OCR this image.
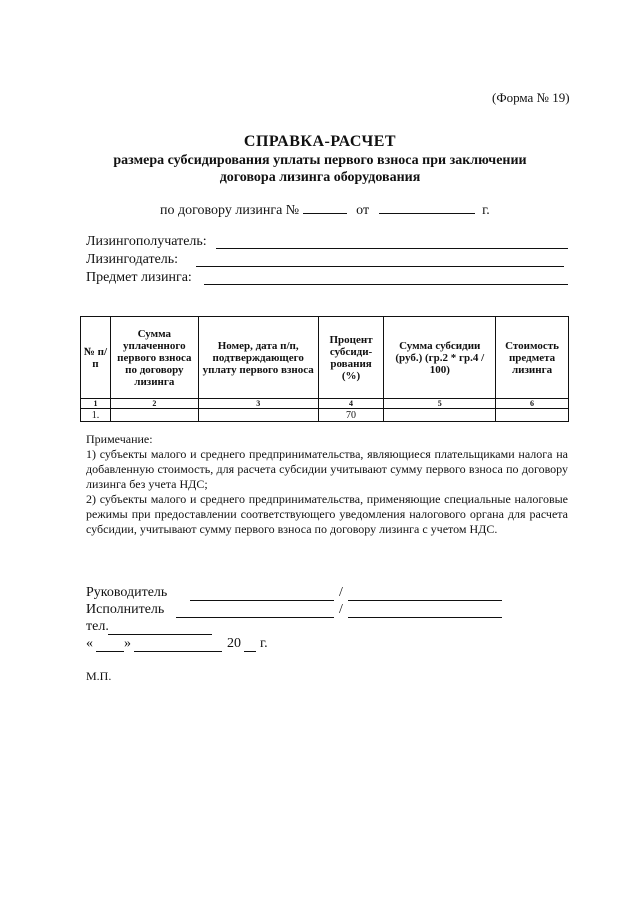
(Форма № 19)
СПРАВКА-РАСЧЕТ
размера субсидирования уплаты первого взноса при заключении
договора лизинга оборудования
по договору лизинга №	от	г.
Лизингополучатель:
Лизингодатель:
Предмет лизинга:
№ п/п	Сумма уплаченного первого взноса по договору лизинга	Номер, дата п/п, подтверждающего уплату первого взноса	Процент субсиди-рования (%)	Сумма субсидии (руб.) (гр.2 * гр.4 / 100)	Стоимость предмета лизинга
1	2	3	4	5	6
1.			70		

Примечание:

1) субъекты малого и среднего предпринимательства, являющиеся плательщиками налога на добавленную стоимость, для расчета субсидии учитывают сумму первого взноса по договору лизинга без учета НДС;

2) субъекты малого и среднего предпринимательства, применяющие специальные налоговые режимы при предоставлении соответствующего уведомления налогового органа для расчета субсидии, учитывают сумму первого взноса по договору лизинга с учетом НДС.

Руководитель	/
Исполнитель	/
тел.
« »	20 г.
М.П.
